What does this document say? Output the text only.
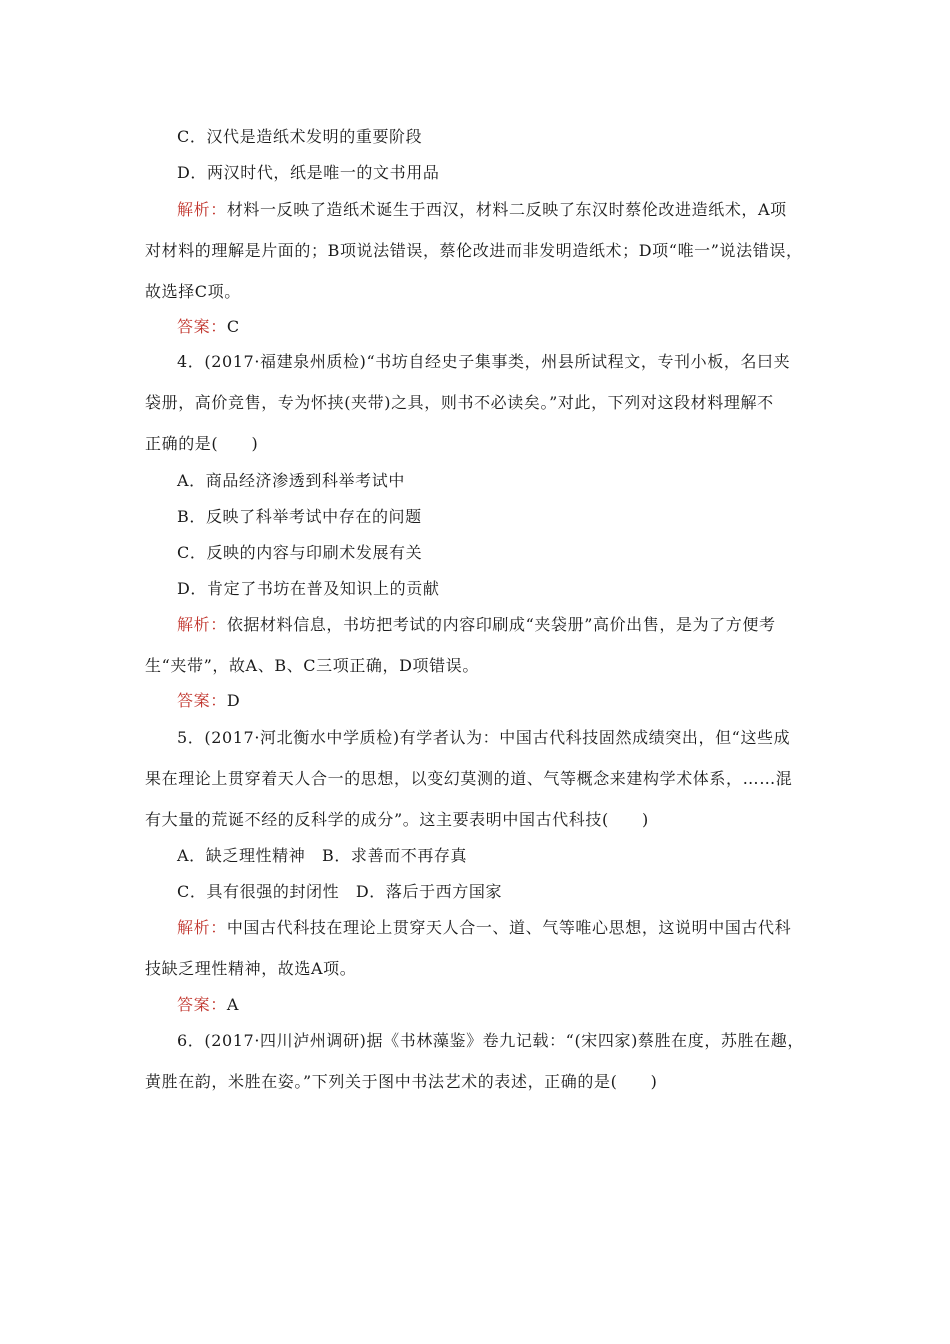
C．汉代是造纸术发明的重要阶段
D．两汉时代，纸是唯一的文书用品
解析：材料一反映了造纸术诞生于西汉，材料二反映了东汉时蔡伦改进造纸术，A项
对材料的理解是片面的；B项说法错误，蔡伦改进而非发明造纸术；D项“唯一”说法错误，
故选择C项。
答案：C
4．(2017·福建泉州质检)“书坊自经史子集事类，州县所试程文，专刊小板，名曰夹
袋册，高价竞售，专为怀挟(夹带)之具，则书不必读矣。”对此，下列对这段材料理解不
正确的是(　　)
A．商品经济渗透到科举考试中
B．反映了科举考试中存在的问题
C．反映的内容与印刷术发展有关
D．肯定了书坊在普及知识上的贡献
解析：依据材料信息，书坊把考试的内容印刷成“夹袋册”高价出售，是为了方便考
生“夹带”，故A、B、C三项正确，D项错误。
答案：D
5．(2017·河北衡水中学质检)有学者认为：中国古代科技固然成绩突出，但“这些成
果在理论上贯穿着天人合一的思想，以变幻莫测的道、气等概念来建构学术体系，……混
有大量的荒诞不经的反科学的成分”。这主要表明中国古代科技(　　)
A．缺乏理性精神　B．求善而不再存真
C．具有很强的封闭性　D．落后于西方国家
解析：中国古代科技在理论上贯穿天人合一、道、气等唯心思想，这说明中国古代科
技缺乏理性精神，故选A项。
答案：A
6．(2017·四川泸州调研)据《书林藻鉴》卷九记载：“(宋四家)蔡胜在度，苏胜在趣，
黄胜在韵，米胜在姿。”下列关于图中书法艺术的表述，正确的是(　　)
